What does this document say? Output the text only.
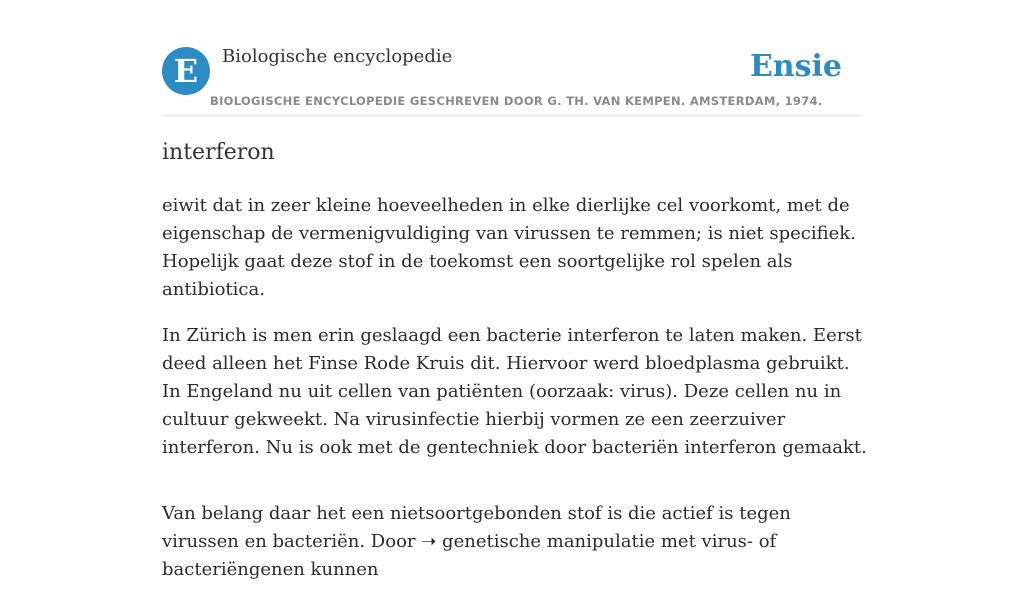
E	Biologische encyclopedie
BIOLOGISCHE ENCYCLOPEDIE GESCHREVEN DOOR G. TH. VAN KEMPEN. AMSTERDAM, 1974.
Ensie
interferon

eiwit dat in zeer kleine hoeveelheden in elke dierlijke cel voorkomt, met de eigenschap de vermenigvuldiging van virussen te remmen; is niet specifiek. Hopelijk gaat deze stof in de toekomst een soortgelijke rol spelen als antibiotica.

In Zürich is men erin geslaagd een bacterie interferon te laten maken. Eerst deed alleen het Finse Rode Kruis dit. Hiervoor werd bloedplasma gebruikt. In Engeland nu uit cellen van patiënten (oorzaak: virus). Deze cellen nu in cultuur gekweekt. Na virusinfectie hierbij vormen ze een zeerzuiver interferon. Nu is ook met de gentechniek door bacteriën interferon gemaakt.

Van belang daar het een nietsoortgebonden stof is die actief is tegen virussen en bacteriën. Door ➝ genetische manipulatie met virus- of bacteriëngenen kunnen
